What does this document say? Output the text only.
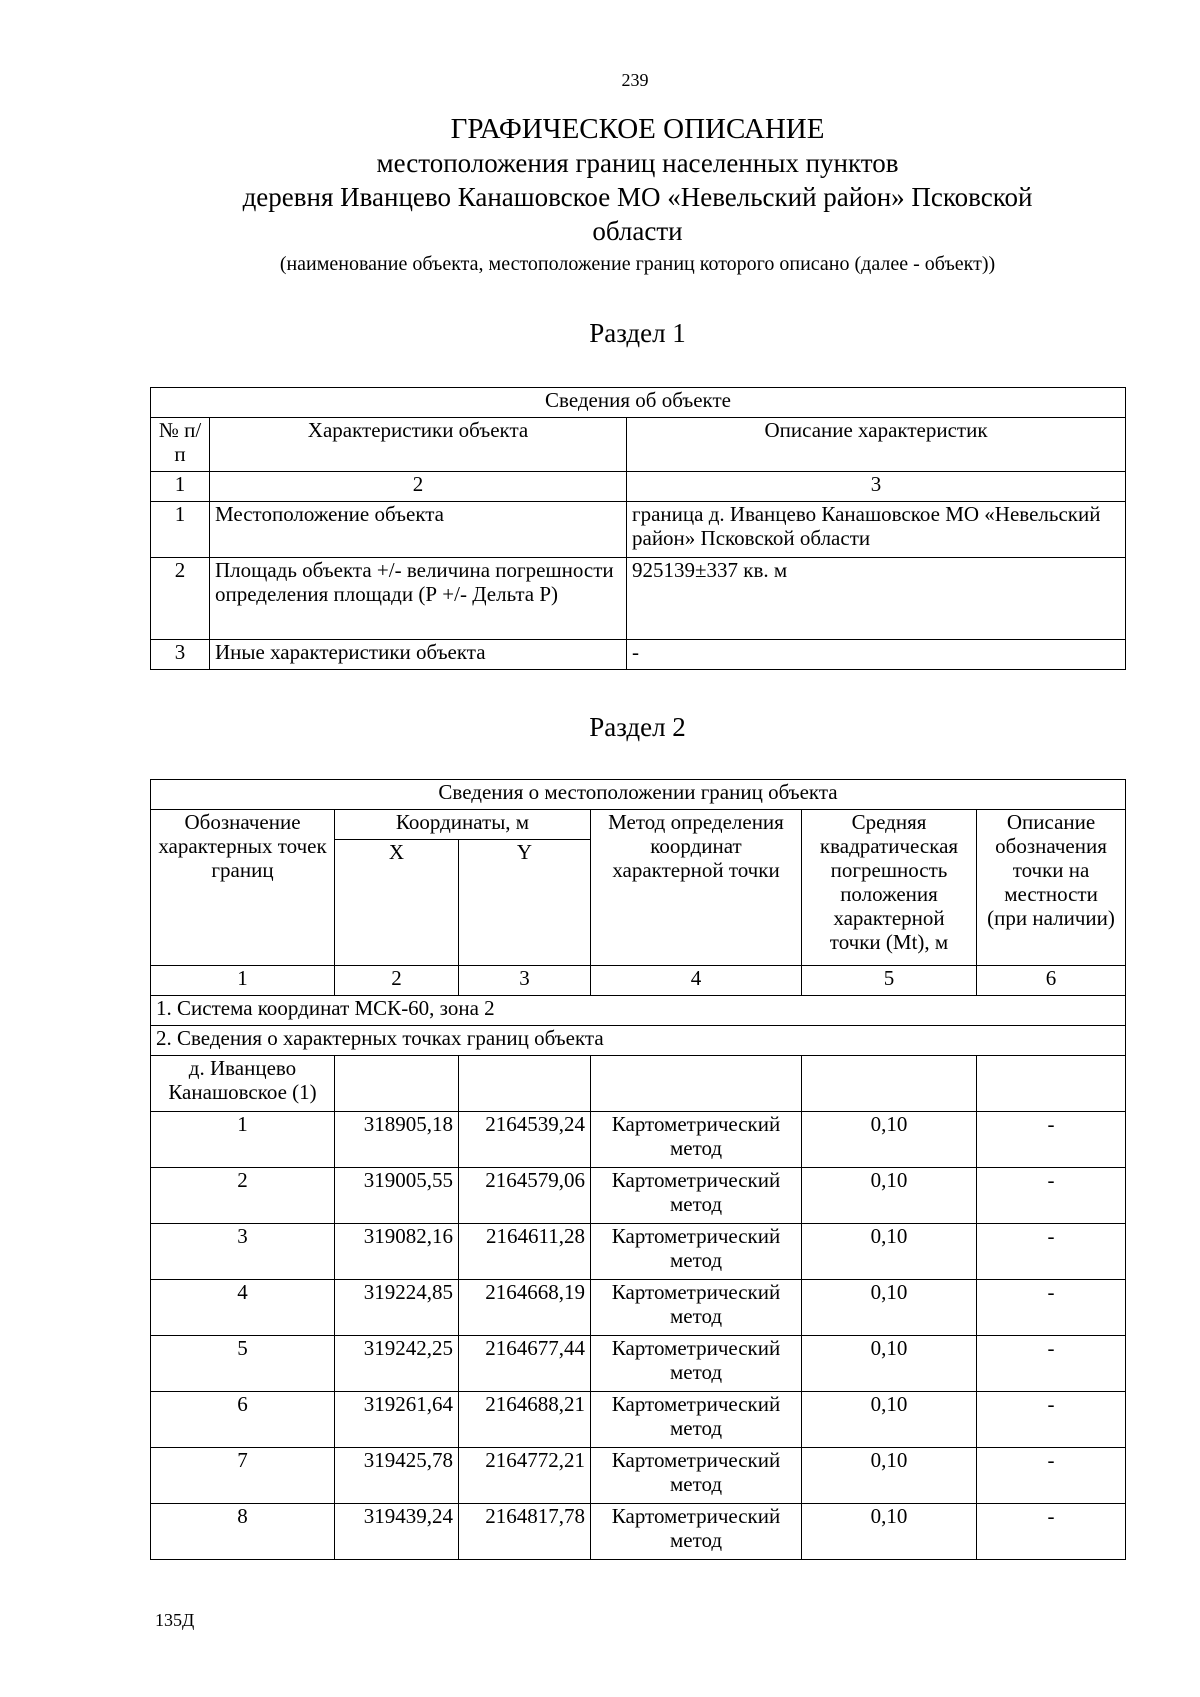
239
ГРАФИЧЕСКОЕ ОПИСАНИЕ
местоположения границ населенных пунктов
деревня Иванцево Канашовское МО «Невельский район» Псковской
области
(наименование объекта, местоположение границ которого описано (далее - объект))
Раздел 1
Сведения об объекте		
№ п/п	Характеристики объекта	Описание характеристик
1	2	3
1	Местоположение объекта	граница д. Иванцево Канашовское МО «Невельский район» Псковской области
2	Площадь объекта +/- величина погрешности определения площади (Р +/- Дельта Р)	925139±337 кв. м
3	Иные характеристики объекта	-
Раздел 2
Сведения о местоположении границ объекта					
Обозначение характерных точек границ	Координаты, м		Метод определения координат характерной точки	Средняя квадратическая погрешность положения характерной точки (Mt), м	Описание обозначения точки на местности (при наличии)
	X	Y			
1	2	3	4	5	6
1. Система координат МСК-60, зона 2					
2. Сведения о характерных точках границ объекта					
д. Иванцево Канашовское (1)					
1	318905,18	2164539,24	Картометрический метод	0,10	-
2	319005,55	2164579,06	Картометрический метод	0,10	-
3	319082,16	2164611,28	Картометрический метод	0,10	-
4	319224,85	2164668,19	Картометрический метод	0,10	-
5	319242,25	2164677,44	Картометрический метод	0,10	-
6	319261,64	2164688,21	Картометрический метод	0,10	-
7	319425,78	2164772,21	Картометрический метод	0,10	-
8	319439,24	2164817,78	Картометрический метод	0,10	-
135Д
